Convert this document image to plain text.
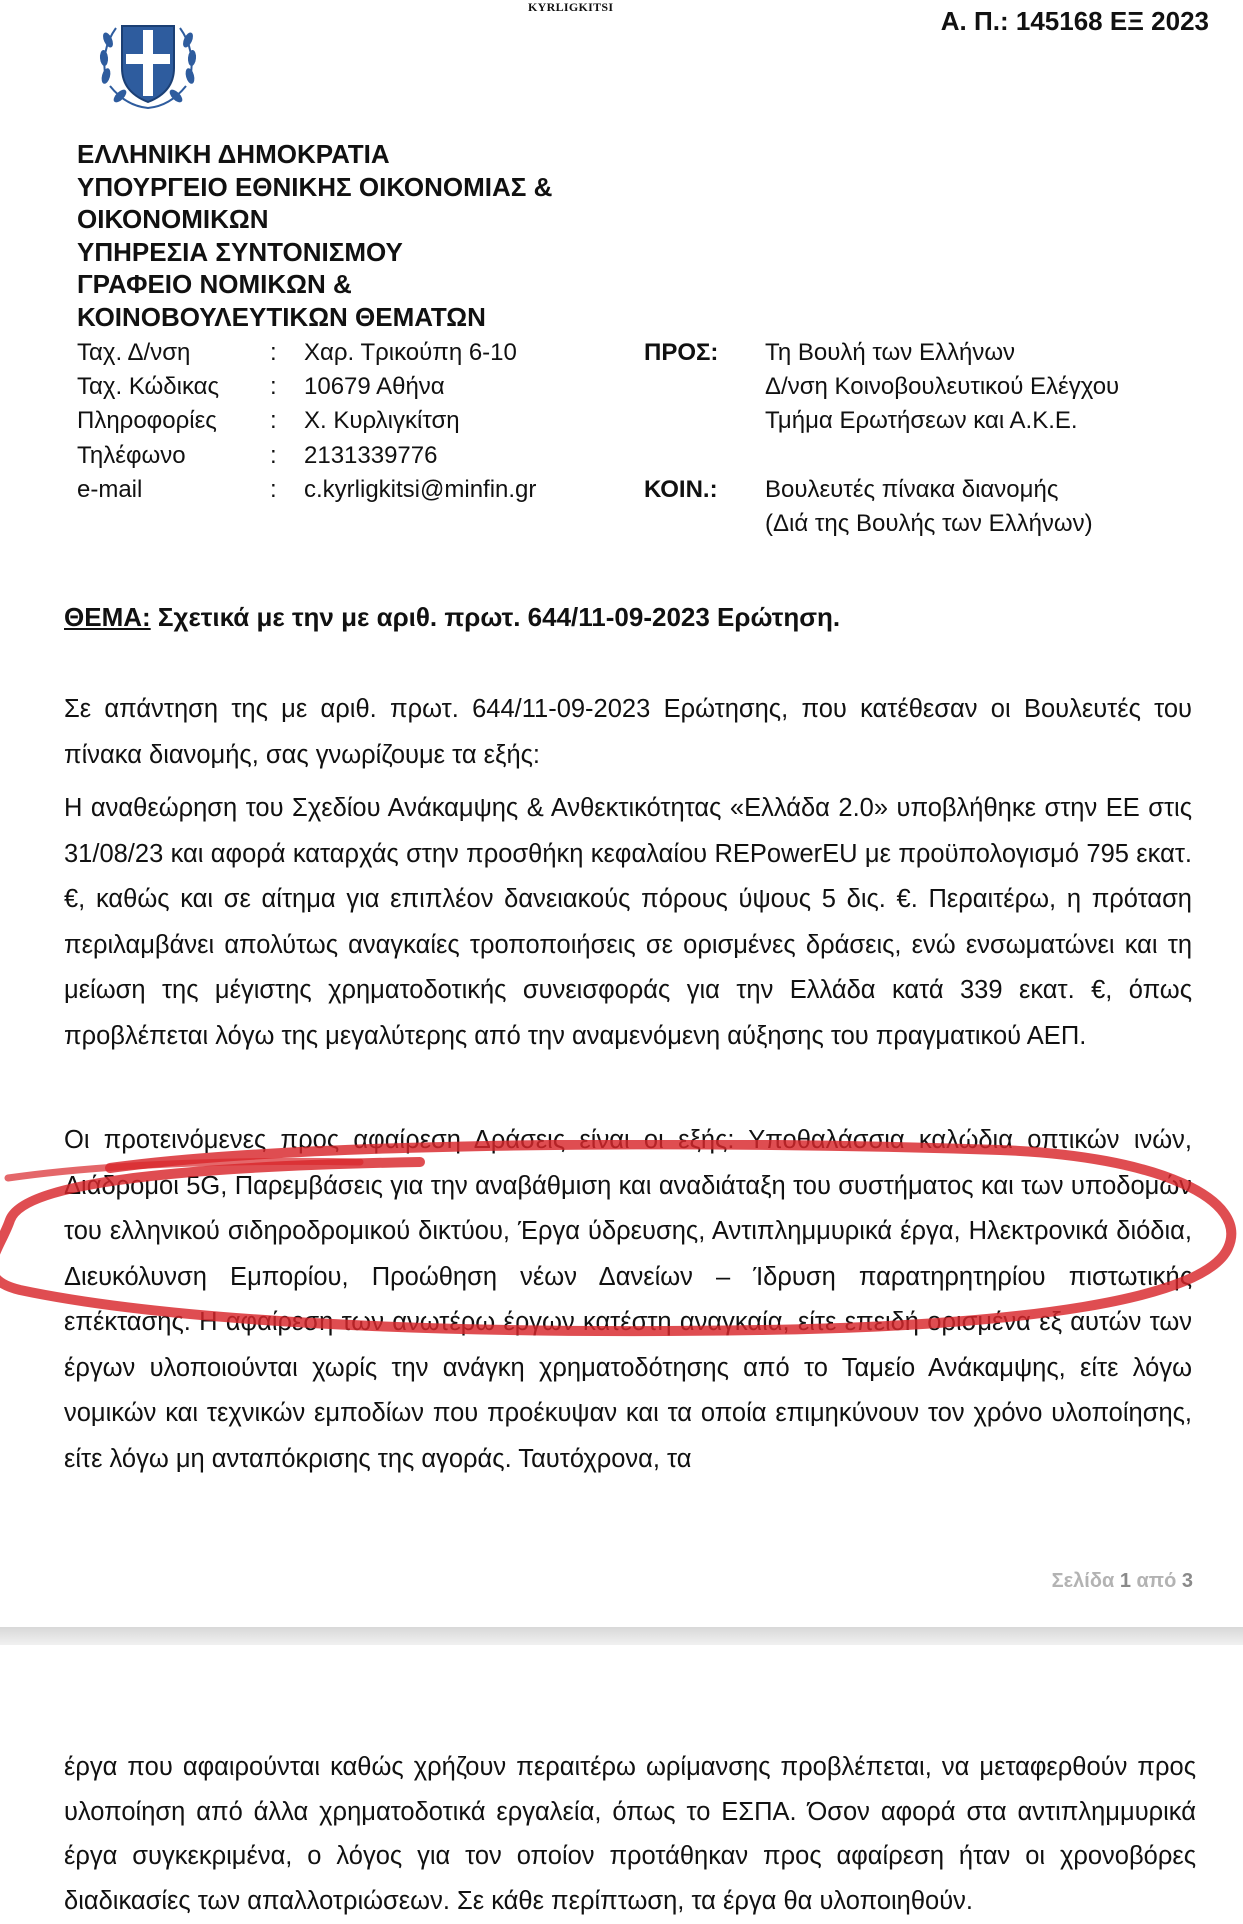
KYRLIGKITSI	Α. Π.: 145168 ΕΞ 2023
ΕΛΛΗΝΙΚΗ ΔΗΜΟΚΡΑΤΙΑ
ΥΠΟΥΡΓΕΙΟ ΕΘΝΙΚΗΣ ΟΙΚΟΝΟΜΙΑΣ &
ΟΙΚΟΝΟΜΙΚΩΝ
ΥΠΗΡΕΣΙΑ ΣΥΝΤΟΝΙΣΜΟΥ
ΓΡΑΦΕΙΟ ΝΟΜΙΚΩΝ &
ΚΟΙΝΟΒΟΥΛΕΥΤΙΚΩΝ ΘΕΜΑΤΩΝ
Ταχ. Δ/νση
Ταχ. Κώδικας
Πληροφορίες
Τηλέφωνο
e-mail
:
:
:
:
:
Χαρ. Τρικούπη 6-10
10679 Αθήνα
Χ. Κυρλιγκίτση
2131339776
c.kyrligkitsi@minfin.gr
ΠΡΟΣ: Τη Βουλή των Ελλήνων
Δ/νση Κοινοβουλευτικού Ελέγχου
Τμήμα Ερωτήσεων και Α.Κ.Ε.
ΚΟΙΝ.: Βουλευτές πίνακα διανομής
(Διά της Βουλής των Ελλήνων)
ΘΕΜΑ: Σχετικά με την με αριθ. πρωτ. 644/11-09-2023 Ερώτηση.
Σε απάντηση της με αριθ. πρωτ. 644/11-09-2023 Ερώτησης, που κατέθεσαν οι Βουλευτές του πίνακα διανομής, σας γνωρίζουμε τα εξής:
Η αναθεώρηση του Σχεδίου Ανάκαμψης & Ανθεκτικότητας «Ελλάδα 2.0» υποβλήθηκε στην ΕΕ στις 31/08/23 και αφορά καταρχάς στην προσθήκη κεφαλαίου REPowerEU με προϋπολογισμό 795 εκατ. €, καθώς και σε αίτημα για επιπλέον δανειακούς πόρους ύψους 5 δις. €. Περαιτέρω, η πρόταση περιλαμβάνει απολύτως αναγκαίες τροποποιήσεις σε ορισμένες δράσεις, ενώ ενσωματώνει και τη μείωση της μέγιστης χρηματοδοτικής συνεισφοράς για την Ελλάδα κατά 339 εκατ. €, όπως προβλέπεται λόγω της μεγαλύτερης από την αναμενόμενη αύξησης του πραγματικού ΑΕΠ.
Οι προτεινόμενες προς αφαίρεση Δράσεις είναι οι εξής: Υποθαλάσσια καλώδια οπτικών ινών, Διάδρομοι 5G, Παρεμβάσεις για την αναβάθμιση και αναδιάταξη του συστήματος και των υποδομών του ελληνικού σιδηροδρομικού δικτύου, Έργα ύδρευσης, Αντιπλημμυρικά έργα, Ηλεκτρονικά διόδια, Διευκόλυνση Εμπορίου, Προώθηση νέων Δανείων – Ίδρυση παρατηρητηρίου πιστωτικής επέκτασης. Η αφαίρεση των ανωτέρω έργων κατέστη αναγκαία, είτε επειδή ορισμένα εξ αυτών των έργων υλοποιούνται χωρίς την ανάγκη χρηματοδότησης από το Ταμείο Ανάκαμψης, είτε λόγω νομικών και τεχνικών εμποδίων που προέκυψαν και τα οποία επιμηκύνουν τον χρόνο υλοποίησης, είτε λόγω μη ανταπόκρισης της αγοράς. Ταυτόχρονα, τα
Σελίδα 1 από 3
έργα που αφαιρούνται καθώς χρήζουν περαιτέρω ωρίμανσης προβλέπεται, να μεταφερθούν προς υλοποίηση από άλλα χρηματοδοτικά εργαλεία, όπως το ΕΣΠΑ. Όσον αφορά στα αντιπλημμυρικά έργα συγκεκριμένα, ο λόγος για τον οποίον προτάθηκαν προς αφαίρεση ήταν οι χρονοβόρες διαδικασίες των απαλλοτριώσεων. Σε κάθε περίπτωση, τα έργα θα υλοποιηθούν.
